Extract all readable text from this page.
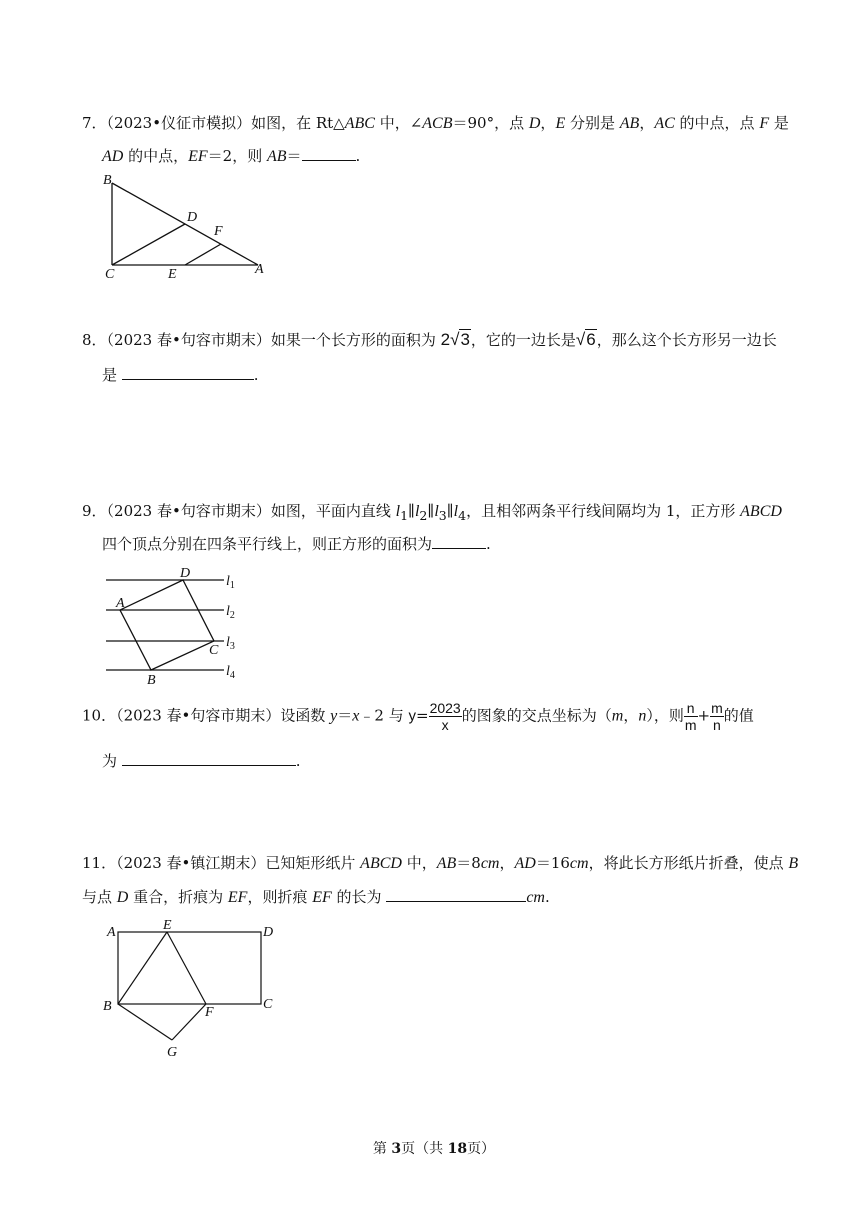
7．（2023•仪征市模拟）如图，在 Rt△ABC 中，∠ACB＝90°，点 D，E 分别是 AB，AC 的中点，点 F 是
AD 的中点，EF＝2，则 AB＝	.
B
D
F
C	E	A
8．（2023 春•句容市期末）如果一个长方形的面积为 2√3，它的一边长是√6，那么这个长方形另一边长
是	.
9．（2023 春•句容市期末）如图，平面内直线 $l_1\parallel l_2\parallel l_3\parallel l_4$，且相邻两条平行线间隔均为 1，正方形 ABCD
四个顶点分别在四条平行线上，则正方形的面积为	.
D
A
C
B
$l_1$
$l_2$
$l_3$
$l_4$
10．（2023 春•句容市期末）设函数 y＝x﹣2 与 $y= \frac{2023}{x}$ 的图象的交点坐标为（m，n），则 $\frac{n}{m} + \frac{m}{n}$ 的值
为	.
11．（2023 春•镇江期末）已知矩形纸片 ABCD 中，AB＝8cm，AD＝16cm，将此长方形纸片折叠，使点 B
与点 D 重合，折痕为 EF，则折痕 EF 的长为	cm.
A	E	D
B	F
C
G
第 3页（共 18页）
